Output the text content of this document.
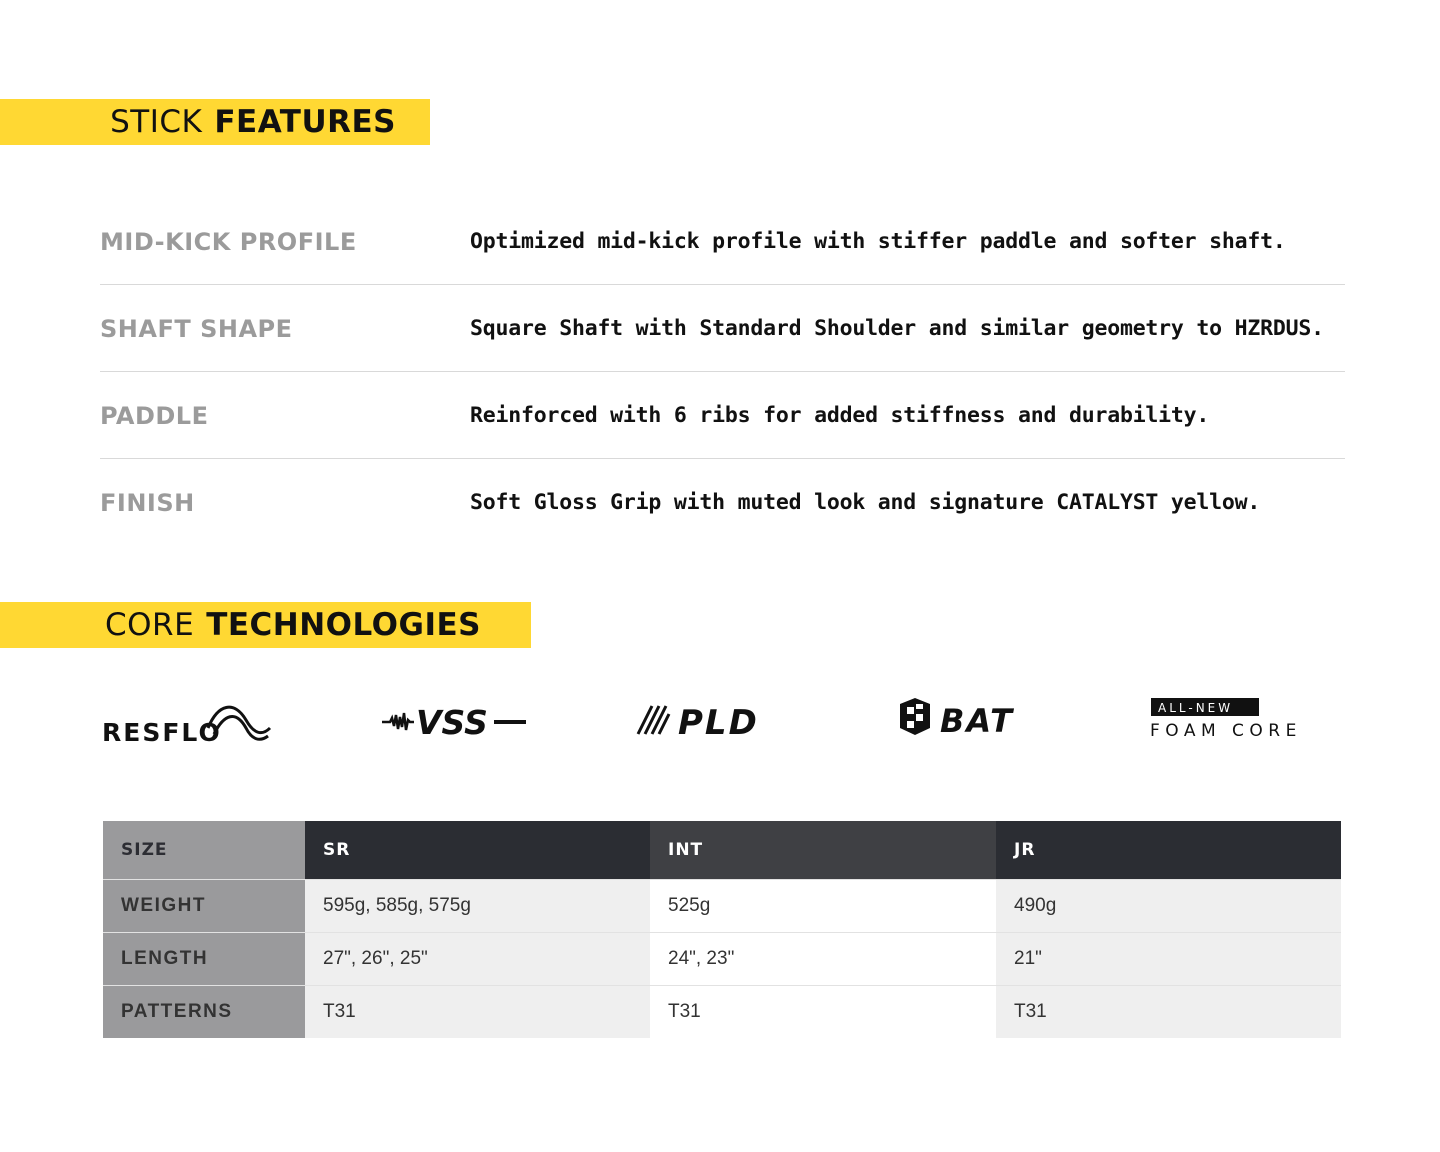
STICK FEATURES
MID-KICK PROFILE	Optimized mid-kick profile with stiffer paddle and softer shaft.
SHAFT SHAPE	Square Shaft with Standard Shoulder and similar geometry to HZRDUS.
PADDLE	Reinforced with 6 ribs for added stiffness and durability.
FINISH	Soft Gloss Grip with muted look and signature CATALYST yellow.
CORE TECHNOLOGIES
RESFLO	VSS	PLD	BAT	ALL-NEW
FOAM CORE
SIZE	SR	INT	JR
WEIGHT	595g, 585g, 575g	525g	490g
LENGTH	27", 26", 25"	24", 23"	21"
PATTERNS	T31	T31	T31
